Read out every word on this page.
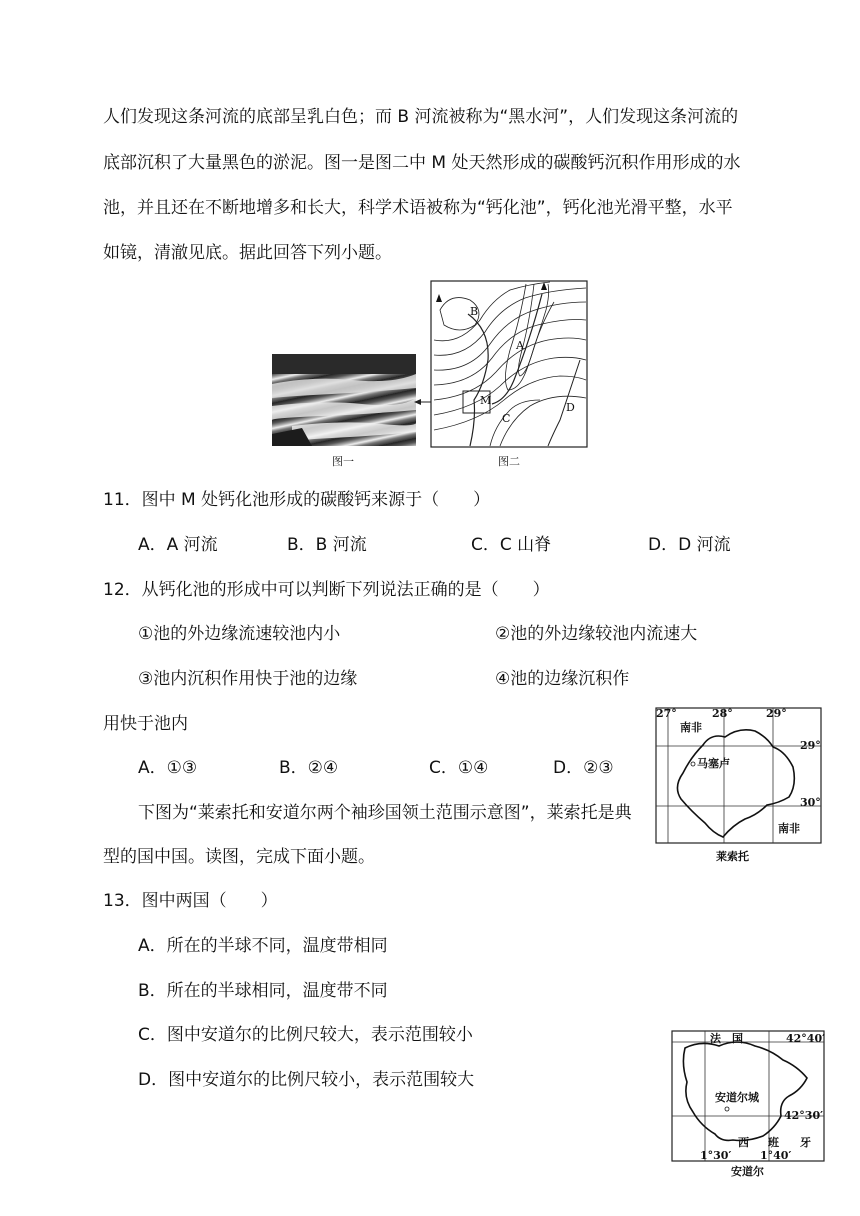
人们发现这条河流的底部呈乳白色；而 B 河流被称为“黑水河”，人们发现这条河流的
底部沉积了大量黑色的淤泥。图一是图二中 M 处天然形成的碳酸钙沉积作用形成的水
池，并且还在不断地增多和长大，科学术语被称为“钙化池”，钙化池光滑平整，水平
如镜，清澈见底。据此回答下列小题。
图一
B
A
M
C
D
图二
11．图中 M 处钙化池形成的碳酸钙来源于（　　）
A．A 河流	B．B 河流	C．C 山脊	D．D 河流
12．从钙化池的形成中可以判断下列说法正确的是（　　）
①池的外边缘流速较池内小	②池的外边缘较池内流速大
③池内沉积作用快于池的边缘	④池的边缘沉积作
用快于池内
A．①③	B．②④	C．①④	D．②③
下图为“莱索托和安道尔两个袖珍国领土范围示意图”，莱索托是典
型的国中国。读图，完成下面小题。
27°	28°	29°
南非
29°
马塞卢
30°
南非
莱索托
13．图中两国（　　）
A．所在的半球不同，温度带相同
B．所在的半球相同，温度带不同
C．图中安道尔的比例尺较大，表示范围较小
D．图中安道尔的比例尺较小，表示范围较大
法　国	42°40′
安道尔城
42°30′
西 班 牙
1°30′	1°40′
安道尔
